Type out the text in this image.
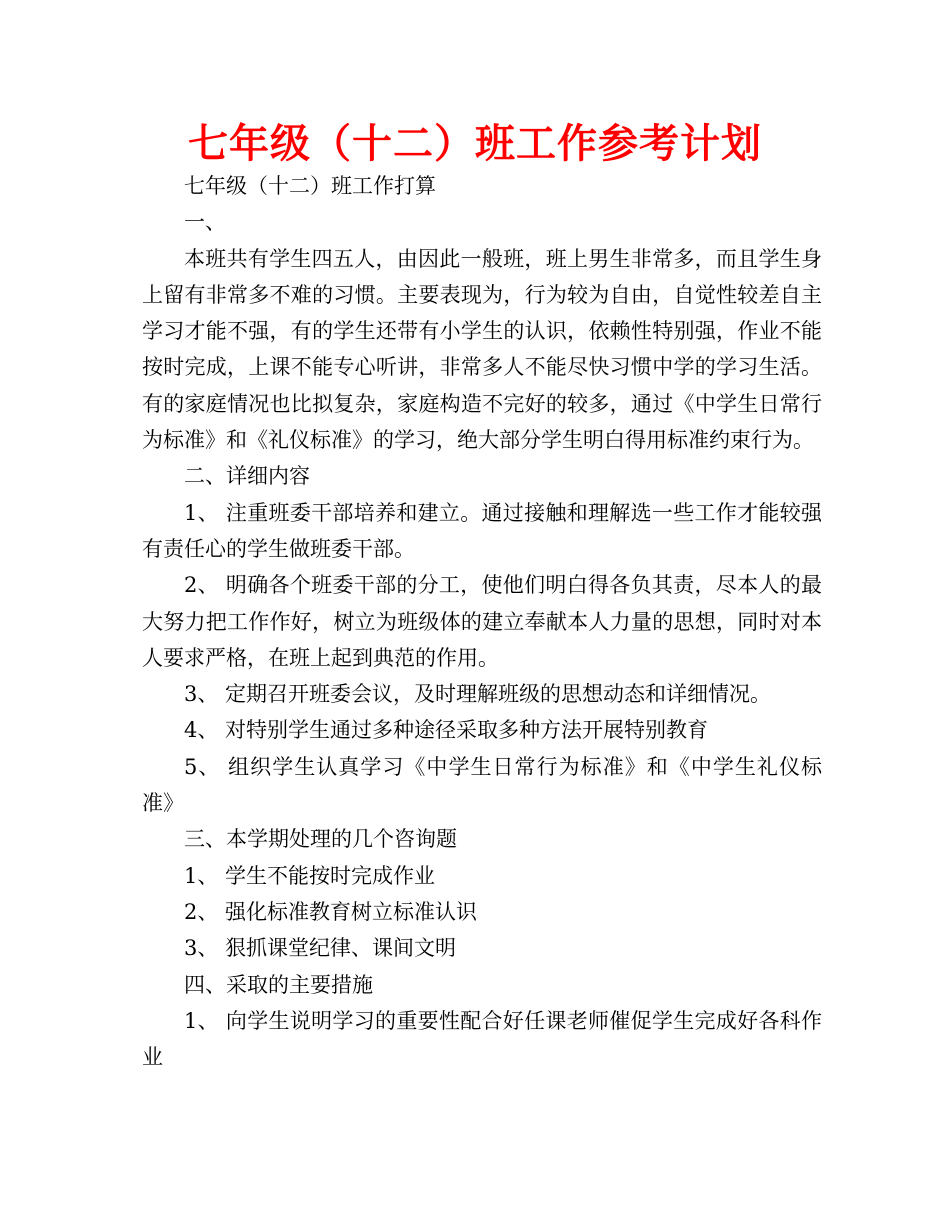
七年级（十二）班工作参考计划

七年级（十二）班工作打算

一、

本班共有学生四五人，由因此一般班，班上男生非常多，而且学生身上留有非常多不难的习惯。主要表现为，行为较为自由，自觉性较差自主学习才能不强，有的学生还带有小学生的认识，依赖性特别强，作业不能按时完成，上课不能专心听讲，非常多人不能尽快习惯中学的学习生活。有的家庭情况也比拟复杂，家庭构造不完好的较多，通过《中学生日常行为标准》和《礼仪标准》的学习，绝大部分学生明白得用标准约束行为。

二、详细内容

1、 注重班委干部培养和建立。通过接触和理解选一些工作才能较强有责任心的学生做班委干部。

2、 明确各个班委干部的分工，使他们明白得各负其责，尽本人的最大努力把工作作好，树立为班级体的建立奉献本人力量的思想，同时对本人要求严格，在班上起到典范的作用。

3、 定期召开班委会议，及时理解班级的思想动态和详细情况。

4、 对特别学生通过多种途径采取多种方法开展特别教育

5、 组织学生认真学习《中学生日常行为标准》和《中学生礼仪标准》

三、本学期处理的几个咨询题

1、 学生不能按时完成作业

2、 强化标准教育树立标准认识

3、 狠抓课堂纪律、课间文明

四、采取的主要措施

1、 向学生说明学习的重要性配合好任课老师催促学生完成好各科作业
